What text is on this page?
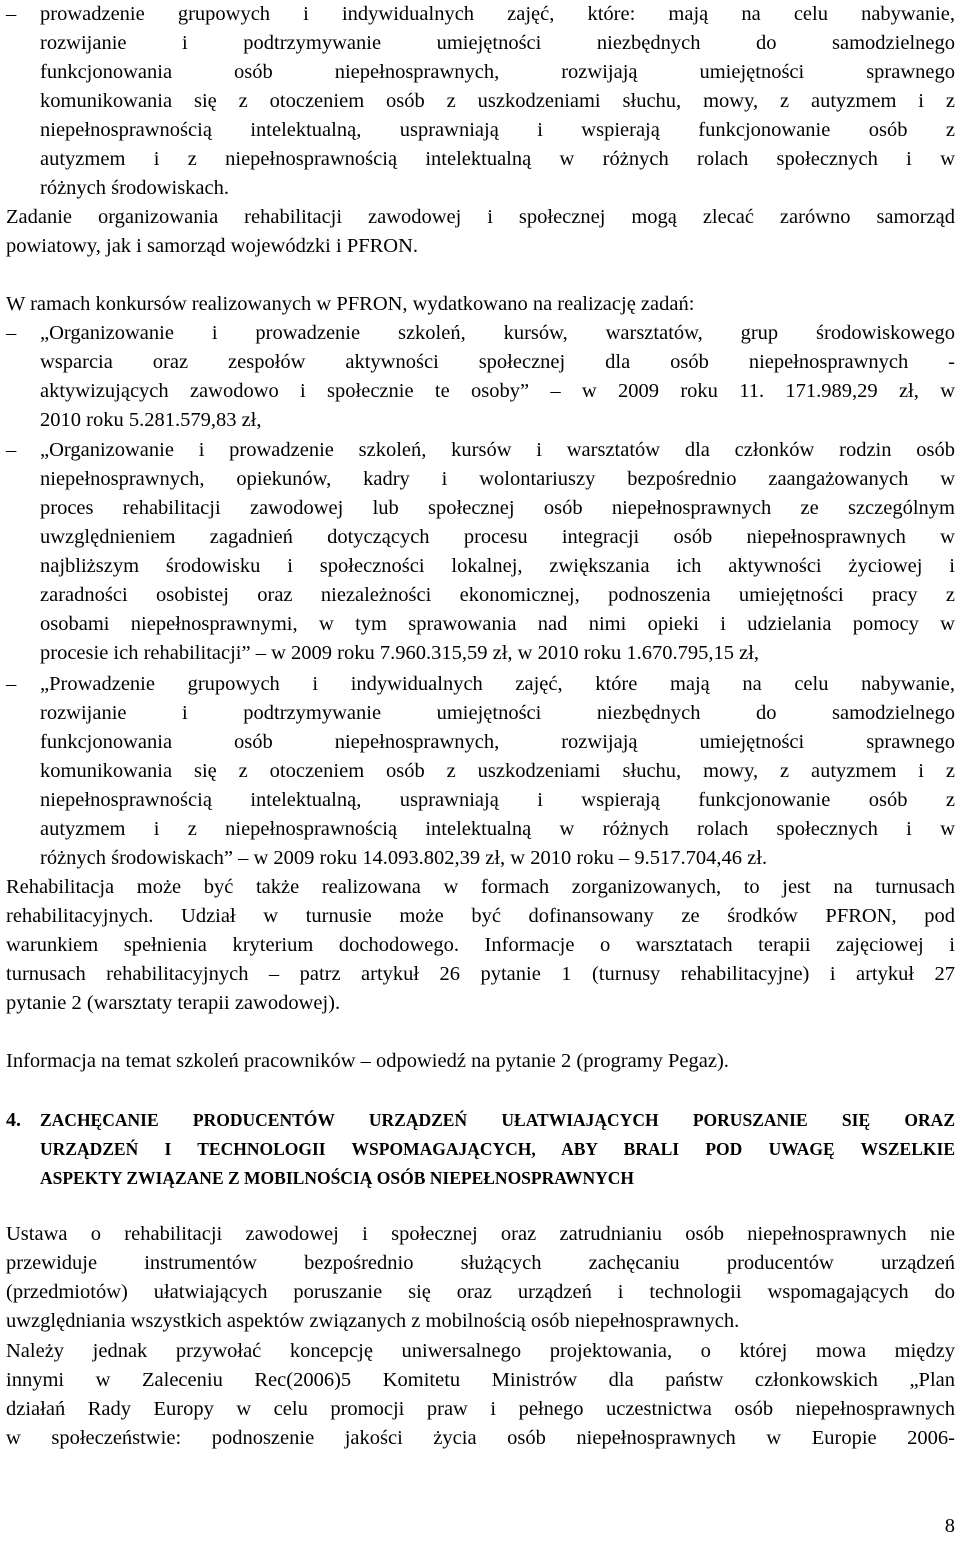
– prowadzenie grupowych i indywidualnych zajęć, które: mają na celu nabywanie,
rozwijanie i podtrzymywanie umiejętności niezbędnych do samodzielnego
funkcjonowania osób niepełnosprawnych, rozwijają umiejętności sprawnego
komunikowania się z otoczeniem osób z uszkodzeniami słuchu, mowy, z autyzmem i z
niepełnosprawnością intelektualną, usprawniają i wspierają funkcjonowanie osób z
autyzmem i z niepełnosprawnością intelektualną w różnych rolach społecznych i w
różnych środowiskach.
Zadanie organizowania rehabilitacji zawodowej i społecznej mogą zlecać zarówno samorząd
powiatowy, jak i samorząd wojewódzki i PFRON.
W ramach konkursów realizowanych w PFRON, wydatkowano na realizację zadań:
– „Organizowanie i prowadzenie szkoleń, kursów, warsztatów, grup środowiskowego
wsparcia oraz zespołów aktywności społecznej dla osób niepełnosprawnych -
aktywizujących zawodowo i społecznie te osoby” – w 2009 roku 11. 171.989,29 zł, w
2010 roku 5.281.579,83 zł,
– „Organizowanie i prowadzenie szkoleń, kursów i warsztatów dla członków rodzin osób
niepełnosprawnych, opiekunów, kadry i wolontariuszy bezpośrednio zaangażowanych w
proces rehabilitacji zawodowej lub społecznej osób niepełnosprawnych ze szczególnym
uwzględnieniem zagadnień dotyczących procesu integracji osób niepełnosprawnych w
najbliższym środowisku i społeczności lokalnej, zwiększania ich aktywności życiowej i
zaradności osobistej oraz niezależności ekonomicznej, podnoszenia umiejętności pracy z
osobami niepełnosprawnymi, w tym sprawowania nad nimi opieki i udzielania pomocy w
procesie ich rehabilitacji” – w 2009 roku 7.960.315,59 zł, w 2010 roku 1.670.795,15 zł,
– „Prowadzenie grupowych i indywidualnych zajęć, które mają na celu nabywanie,
rozwijanie i podtrzymywanie umiejętności niezbędnych do samodzielnego
funkcjonowania osób niepełnosprawnych, rozwijają umiejętności sprawnego
komunikowania się z otoczeniem osób z uszkodzeniami słuchu, mowy, z autyzmem i z
niepełnosprawnością intelektualną, usprawniają i wspierają funkcjonowanie osób z
autyzmem i z niepełnosprawnością intelektualną w różnych rolach społecznych i w
różnych środowiskach” – w 2009 roku 14.093.802,39 zł, w 2010 roku – 9.517.704,46 zł.
Rehabilitacja może być także realizowana w formach zorganizowanych, to jest na turnusach
rehabilitacyjnych. Udział w turnusie może być dofinansowany ze środków PFRON, pod
warunkiem spełnienia kryterium dochodowego. Informacje o warsztatach terapii zajęciowej i
turnusach rehabilitacyjnych – patrz artykuł 26 pytanie 1 (turnusy rehabilitacyjne) i artykuł 27
pytanie 2 (warsztaty terapii zawodowej).
Informacja na temat szkoleń pracowników – odpowiedź na pytanie 2 (programy Pegaz).
4. ZACHĘCANIE PRODUCENTÓW URZĄDZEŃ UŁATWIAJĄCYCH PORUSZANIE SIĘ ORAZ
URZĄDZEŃ I TECHNOLOGII WSPOMAGAJĄCYCH, ABY BRALI POD UWAGĘ WSZELKIE
ASPEKTY ZWIĄZANE Z MOBILNOŚCIĄ OSÓB NIEPEŁNOSPRAWNYCH
Ustawa o rehabilitacji zawodowej i społecznej oraz zatrudnianiu osób niepełnosprawnych nie
przewiduje instrumentów bezpośrednio służących zachęcaniu producentów urządzeń
(przedmiotów) ułatwiających poruszanie się oraz urządzeń i technologii wspomagających do
uwzględniania wszystkich aspektów związanych z mobilnością osób niepełnosprawnych.
Należy jednak przywołać koncepcję uniwersalnego projektowania, o której mowa między
innymi w Zaleceniu Rec(2006)5 Komitetu Ministrów dla państw członkowskich „Plan
działań Rady Europy w celu promocji praw i pełnego uczestnictwa osób niepełnosprawnych
w społeczeństwie: podnoszenie jakości życia osób niepełnosprawnych w Europie 2006-
8
